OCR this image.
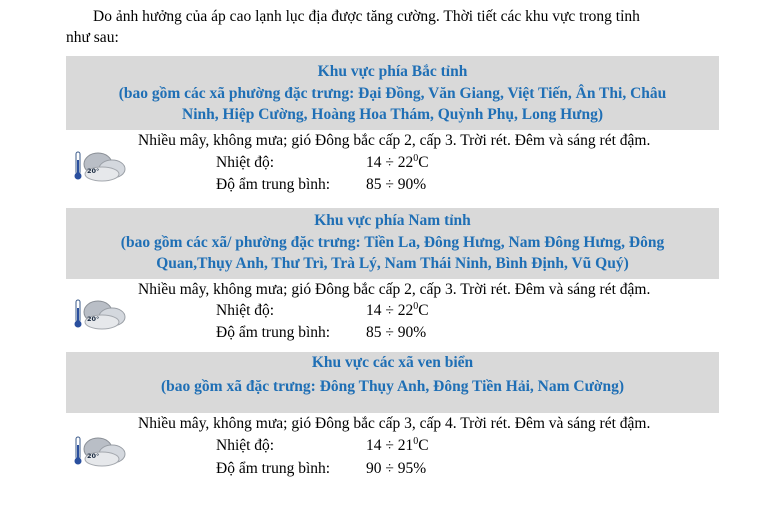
Do ảnh hưởng của áp cao lạnh lục địa được tăng cường. Thời tiết các khu vực trong tỉnh
như sau:
Khu vực phía Bắc tỉnh
(bao gồm các xã phường đặc trưng: Đại Đồng, Văn Giang, Việt Tiến, Ân Thi, Châu
Ninh, Hiệp Cường, Hoàng Hoa Thám, Quỳnh Phụ, Long Hưng)
Nhiều mây, không mưa; gió Đông bắc cấp 2, cấp 3. Trời rét. Đêm và sáng rét đậm.
20°	Nhiệt độ:	$14 \div 22^0C$
Độ ẩm trung bình: 85 ÷ 90%
Khu vực phía Nam tỉnh
(bao gồm các xã/ phường đặc trưng: Tiền La, Đông Hưng, Nam Đông Hưng, Đông
Quan,Thụy Anh, Thư Trì, Trà Lý, Nam Thái Ninh, Bình Định, Vũ Quý)
Nhiều mây, không mưa; gió Đông bắc cấp 2, cấp 3. Trời rét. Đêm và sáng rét đậm.
20°	Nhiệt độ:	$14 \div 22^0C$
Độ ẩm trung bình: 85 ÷ 90%
Khu vực các xã ven biển
(bao gồm xã đặc trưng: Đông Thụy Anh, Đông Tiền Hải, Nam Cường)
Nhiều mây, không mưa; gió Đông bắc cấp 3, cấp 4. Trời rét. Đêm và sáng rét đậm.
20°
Nhiệt độ:	$14 \div 21^0C$
Độ ẩm trung bình: 90 ÷ 95%
